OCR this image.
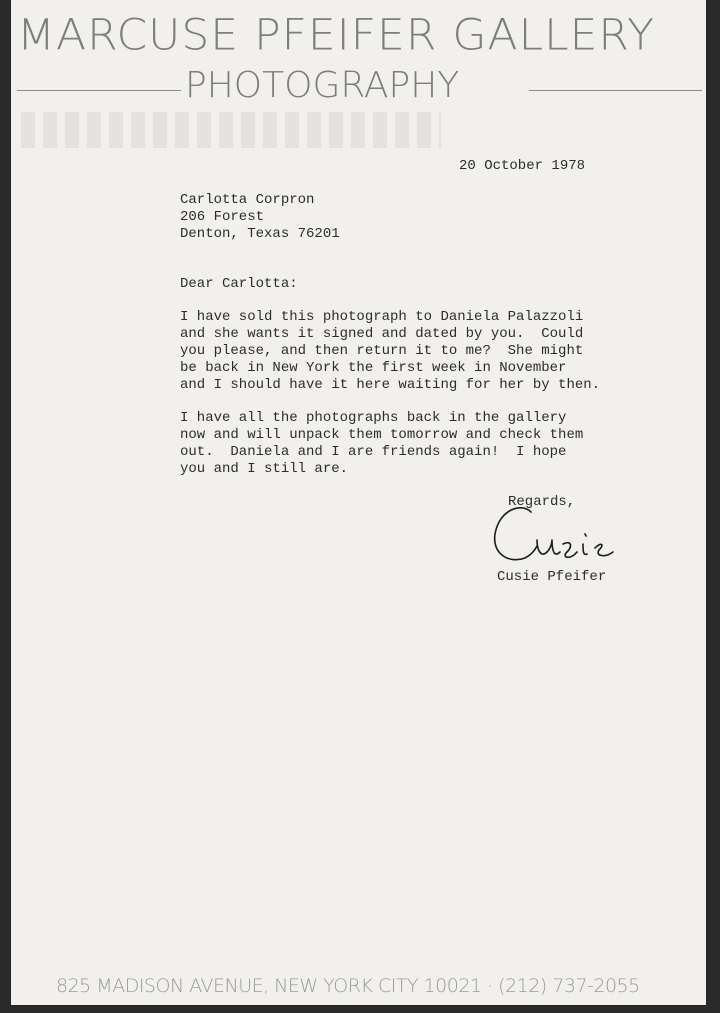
MARCUSE PFEIFER GALLERY
PHOTOGRAPHY
20 October 1978
Carlotta Corpron
206 Forest
Denton, Texas 76201
Dear Carlotta:
I have sold this photograph to Daniela Palazzoli
and she wants it signed and dated by you.  Could
you please, and then return it to me?  She might
be back in New York the first week in November
and I should have it here waiting for her by then.
I have all the photographs back in the gallery
now and will unpack them tomorrow and check them
out.  Daniela and I are friends again!  I hope
you and I still are.
Regards,
Cusie Pfeifer
825 MADISON AVENUE, NEW YORK CITY 10021 · (212) 737-2055
